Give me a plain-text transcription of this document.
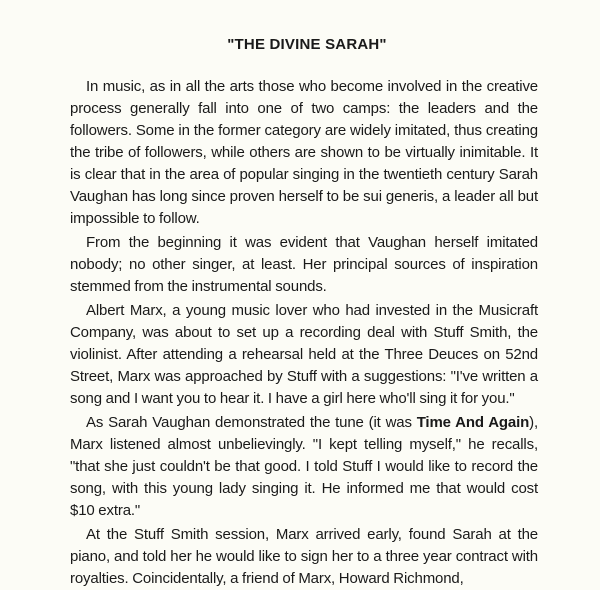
"THE DIVINE SARAH"

In music, as in all the arts those who become involved in the creative process generally fall into one of two camps: the leaders and the followers. Some in the former category are widely imitated, thus creating the tribe of followers, while others are shown to be virtually inimitable. It is clear that in the area of popular singing in the twentieth century Sarah Vaughan has long since proven herself to be sui generis, a leader all but impossible to follow.

From the beginning it was evident that Vaughan herself imitated nobody; no other singer, at least. Her principal sources of inspiration stemmed from the instrumental sounds.

Albert Marx, a young music lover who had invested in the Musicraft Company, was about to set up a recording deal with Stuff Smith, the violinist. After attending a rehearsal held at the Three Deuces on 52nd Street, Marx was approached by Stuff with a suggestions: "I've written a song and I want you to hear it. I have a girl here who'll sing it for you."

As Sarah Vaughan demonstrated the tune (it was Time And Again), Marx listened almost unbelievingly. "I kept telling myself," he recalls, "that she just couldn't be that good. I told Stuff I would like to record the song, with this young lady singing it. He informed me that would cost $10 extra."

At the Stuff Smith session, Marx arrived early, found Sarah at the piano, and told her he would like to sign her to a three year contract with royalties. Coincidentally, a friend of Marx, Howard Richmond,
